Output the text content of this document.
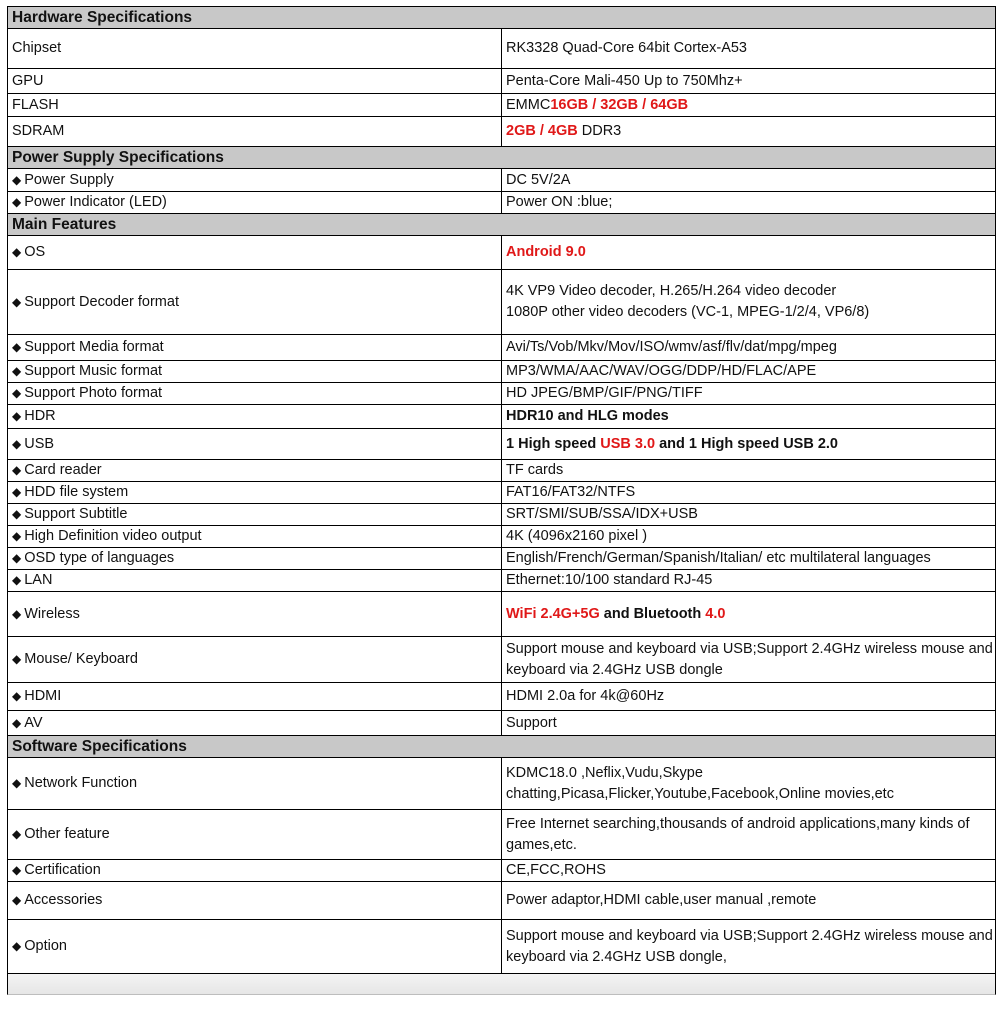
Hardware Specifications	
Chipset	RK3328 Quad-Core 64bit Cortex-A53
GPU	Penta-Core Mali-450 Up to 750Mhz+
FLASH	EMMC16GB / 32GB / 64GB
SDRAM	2GB / 4GB DDR3
Power Supply Specifications	
◆ Power Supply	DC 5V/2A
◆ Power Indicator (LED)	Power ON :blue;
Main Features	
◆ OS	Android 9.0
◆ Support Decoder format	4K VP9 Video decoder, H.265/H.264 video decoder
1080P other video decoders (VC-1, MPEG-1/2/4, VP6/8)

◆ Support Media format	Avi/Ts/Vob/Mkv/Mov/ISO/wmv/asf/flv/dat/mpg/mpeg
◆ Support Music format	MP3/WMA/AAC/WAV/OGG/DDP/HD/FLAC/APE
◆ Support Photo format	HD JPEG/BMP/GIF/PNG/TIFF
◆ HDR	HDR10 and HLG modes
◆ USB	1 High speed USB 3.0 and 1 High speed USB 2.0
◆ Card reader	TF cards
◆ HDD file system	FAT16/FAT32/NTFS
◆ Support Subtitle	SRT/SMI/SUB/SSA/IDX+USB
◆ High Definition video output	4K (4096x2160 pixel )
◆ OSD type of languages	English/French/German/Spanish/Italian/ etc multilateral languages
◆ LAN	Ethernet:10/100 standard RJ-45
◆ Wireless	WiFi 2.4G+5G and Bluetooth 4.0
◆ Mouse/ Keyboard	Support mouse and keyboard via USB;Support 2.4GHz wireless mouse and keyboard via 2.4GHz USB dongle
◆ HDMI	HDMI 2.0a for 4k@60Hz
◆ AV	Support
Software Specifications	
◆ Network Function	KDMC18.0 ,Neflix,Vudu,Skype chatting,Picasa,Flicker,Youtube,Facebook,Online movies,etc
◆ Other feature	Free Internet searching,thousands of android applications,many kinds of games,etc.
◆ Certification	CE,FCC,ROHS
◆ Accessories	Power adaptor,HDMI cable,user manual ,remote
◆ Option	Support mouse and keyboard via USB;Support 2.4GHz wireless mouse and keyboard via 2.4GHz USB dongle,
